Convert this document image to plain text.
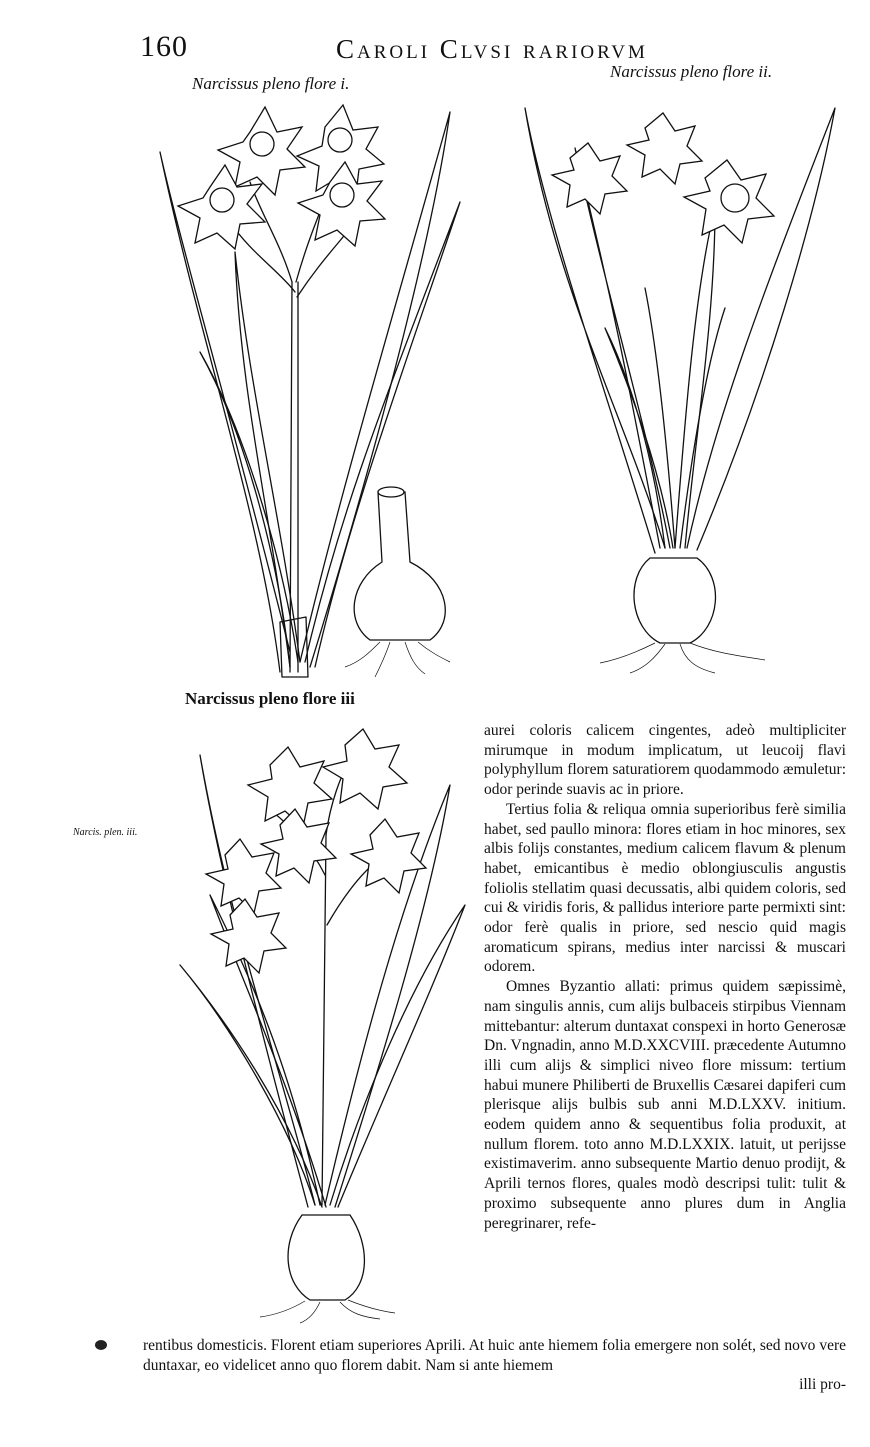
160	Caroli Clvsi rariorvm
Narcissus pleno flore i.
Narcissus pleno flore ii.
Narcissus pleno flore iii
Narcis. plen. iii.

aurei coloris calicem cingentes, adeò multipliciter mirumque in modum implicatum, ut leucoij flavi polyphyllum florem saturatiorem quodammodo æmuletur: odor perinde suavis ac in priore.

Tertius folia & reliqua omnia superioribus ferè similia habet, sed paullo minora: flores etiam in hoc minores, sex albis folijs constantes, medium calicem flavum & plenum habet, emicantibus è medio oblongiusculis angustis foliolis stellatim quasi decussatis, albi quidem coloris, sed cui & viridis foris, & pallidus interiore parte permixti sint: odor ferè qualis in priore, sed nescio quid magis aromaticum spirans, medius inter narcissi & muscari odorem.

Omnes Byzantio allati: primus quidem sæpissimè, nam singulis annis, cum alijs bulbaceis stirpibus Viennam mittebantur: alterum duntaxat conspexi in horto Generosæ Dn. Vngnadin, anno M.D.XXCVIII. præcedente Autumno illi cum alijs & simplici niveo flore missum: tertium habui munere Philiberti de Bruxellis Cæsarei dapiferi cum plerisque alijs bulbis sub anni M.D.LXXV. initium. eodem quidem anno & sequentibus folia produxit, at nullum florem. toto anno M.D.LXXIX. latuit, ut perijsse existimaverim. anno subsequente Martio denuo prodijt, & Aprili ternos flores, quales modò descripsi tulit: tulit & proximo subsequente anno plures dum in Anglia peregrinarer, refe-

rentibus domesticis. Florent etiam superiores Aprili. At huic ante hiemem folia emergere non solét, sed novo vere duntaxar, eo videlicet anno quo florem dabit. Nam si ante hiemem

illi pro-
